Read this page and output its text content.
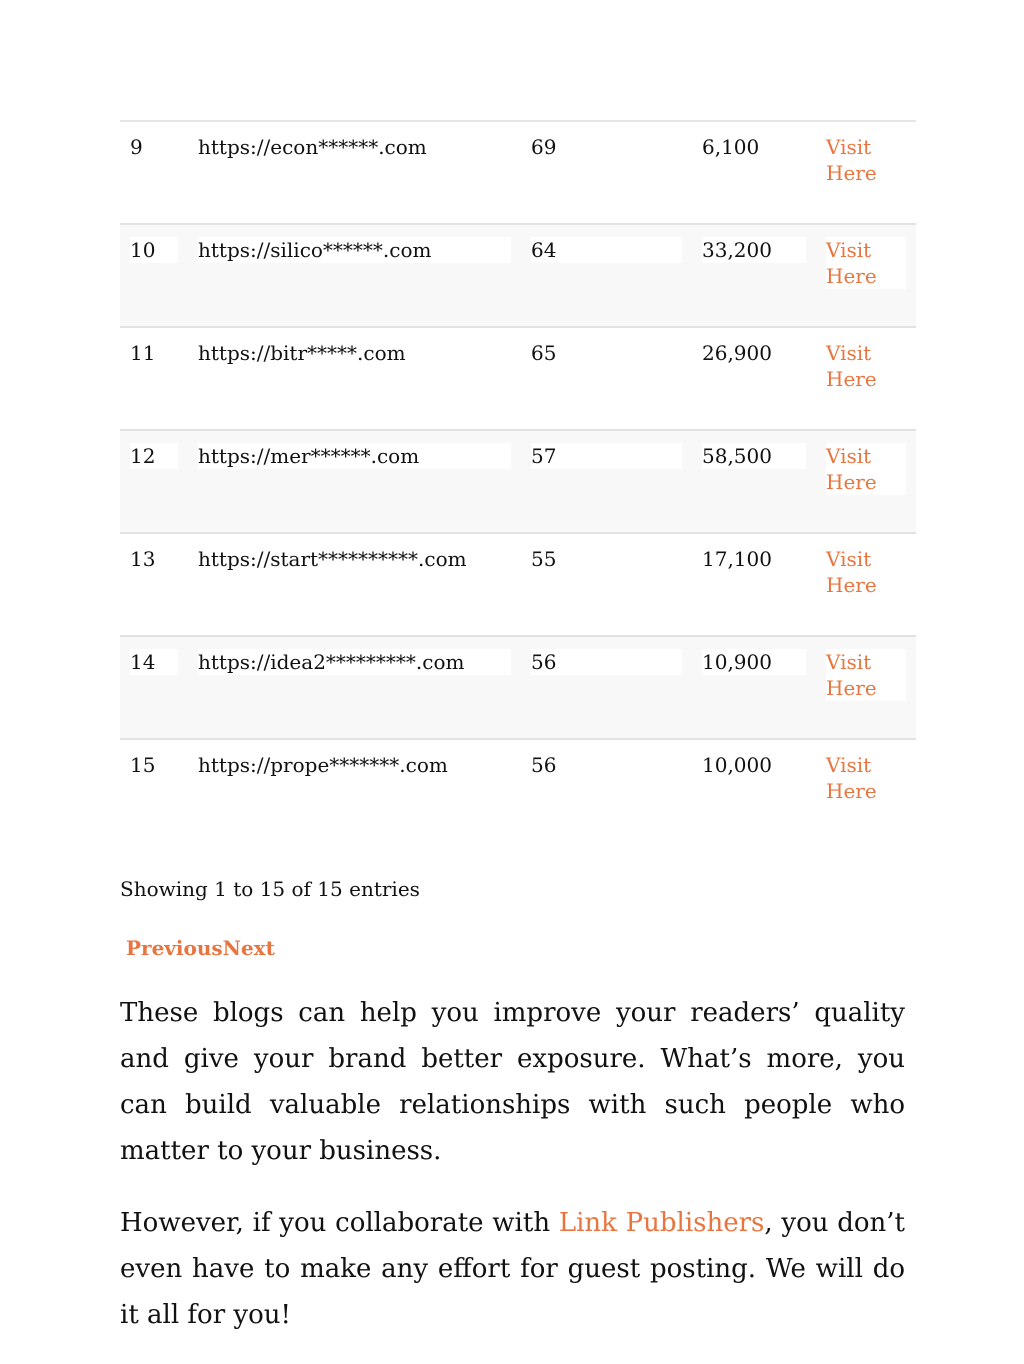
9	https://econ******.com	69	6,100	Visit
Here
10	https://silico******.com	64	33,200	Visit
Here
11	https://bitr*****.com	65	26,900	Visit
Here
12	https://mer******.com	57	58,500	Visit
Here
13	https://start**********.com	55	17,100	Visit
Here
14	https://idea2*********.com	56	10,900	Visit
Here
15	https://prope*******.com	56	10,000	Visit
Here
Showing 1 to 15 of 15 entries
PreviousNext

These blogs can help you improve your readers’ quality and give your brand better exposure. What’s more, you can build valuable relationships with such people who matter to your business.

However, if you collaborate with Link Publishers, you don’t even have to make any effort for guest posting. We will do it all for you!
